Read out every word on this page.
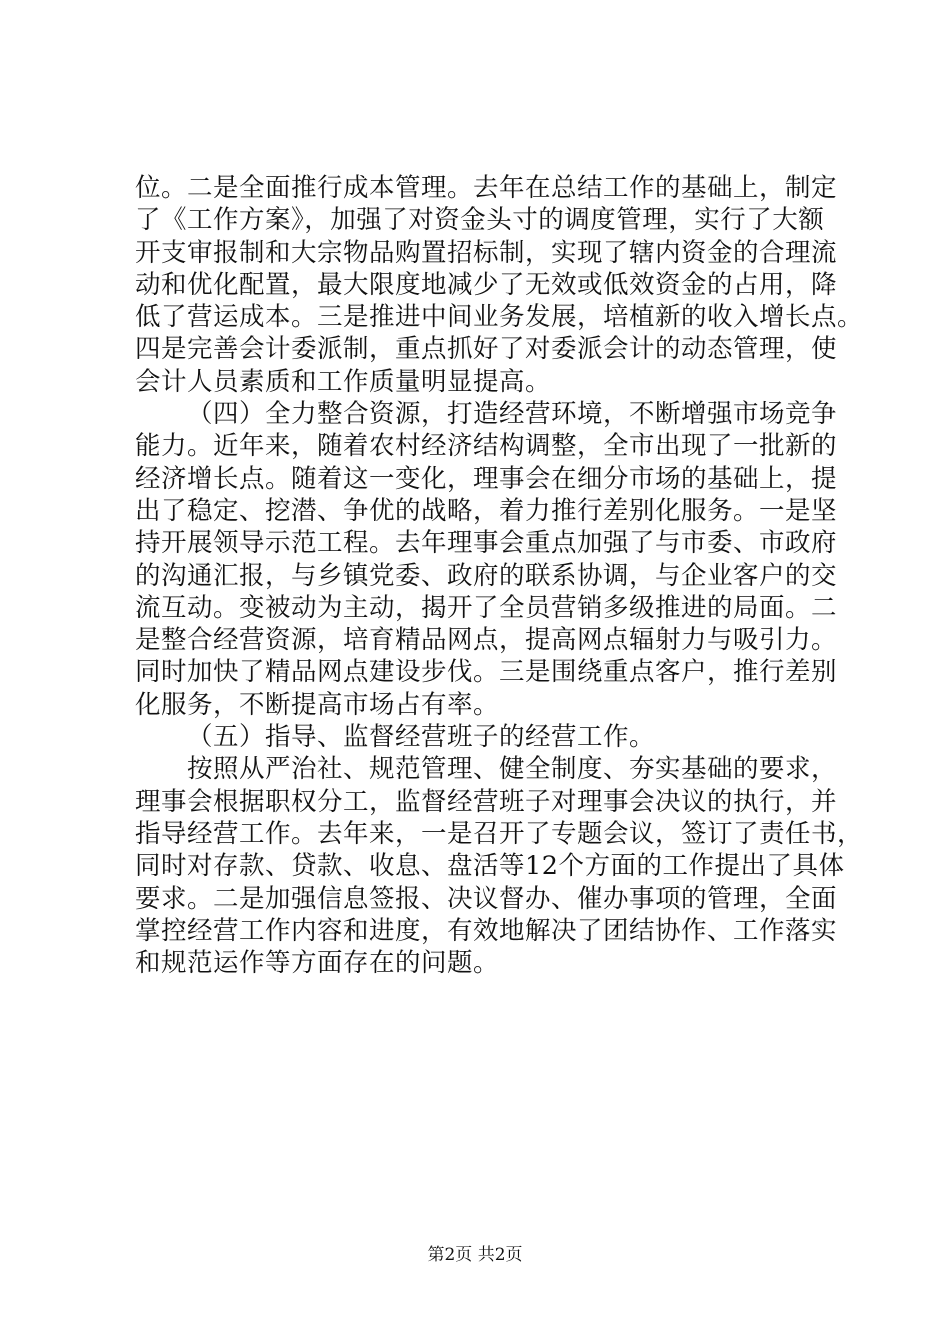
位。二是全面推行成本管理。去年在总结工作的基础上，制定
了《工作方案》，加强了对资金头寸的调度管理，实行了大额
开支审报制和大宗物品购置招标制，实现了辖内资金的合理流
动和优化配置，最大限度地减少了无效或低效资金的占用，降
低了营运成本。三是推进中间业务发展，培植新的收入增长点。
四是完善会计委派制，重点抓好了对委派会计的动态管理，使
会计人员素质和工作质量明显提高。
（四）全力整合资源，打造经营环境，不断增强市场竞争
能力。近年来，随着农村经济结构调整，全市出现了一批新的
经济增长点。随着这一变化，理事会在细分市场的基础上，提
出了稳定、挖潜、争优的战略，着力推行差别化服务。一是坚
持开展领导示范工程。去年理事会重点加强了与市委、市政府
的沟通汇报，与乡镇党委、政府的联系协调，与企业客户的交
流互动。变被动为主动，揭开了全员营销多级推进的局面。二
是整合经营资源，培育精品网点，提高网点辐射力与吸引力。
同时加快了精品网点建设步伐。三是围绕重点客户，推行差别
化服务，不断提高市场占有率。
（五）指导、监督经营班子的经营工作。
按照从严治社、规范管理、健全制度、夯实基础的要求，
理事会根据职权分工，监督经营班子对理事会决议的执行，并
指导经营工作。去年来，一是召开了专题会议，签订了责任书，
同时对存款、贷款、收息、盘活等12个方面的工作提出了具体
要求。二是加强信息签报、决议督办、催办事项的管理，全面
掌控经营工作内容和进度，有效地解决了团结协作、工作落实
和规范运作等方面存在的问题。
第2页 共2页
